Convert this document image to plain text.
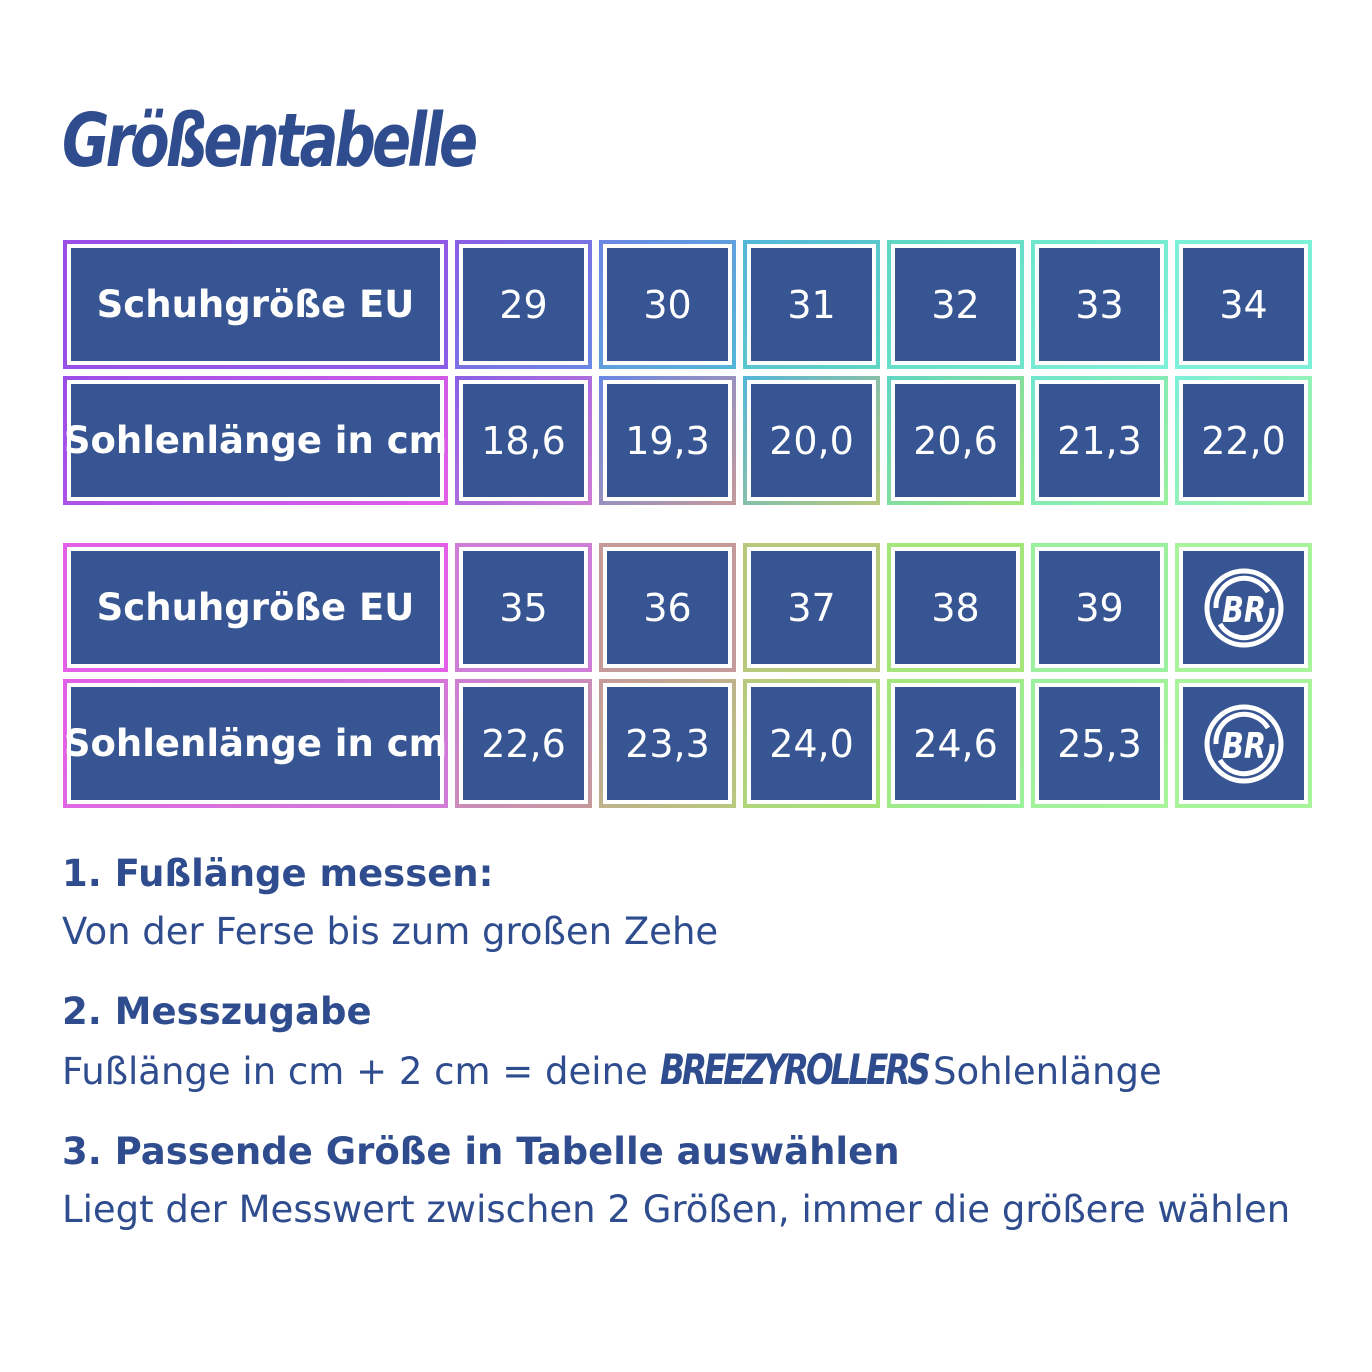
Größentabelle
Schuhgröße EU	29	30	31	32	33	34
Sohlenlänge in cm 18,6	19,3	20,0	20,6	21,3	22,0
Schuhgröße EU	35	36	37	38	39	BR
Sohlenlänge in cm 22,6	23,3	24,0	24,6	25,3	BR
1. Fußlänge messen:
Von der Ferse bis zum großen Zehe
2. Messzugabe
Fußlänge in cm + 2 cm = deine BREEZYROLLERS Sohlenlänge
3. Passende Größe in Tabelle auswählen
Liegt der Messwert zwischen 2 Größen, immer die größere wählen
